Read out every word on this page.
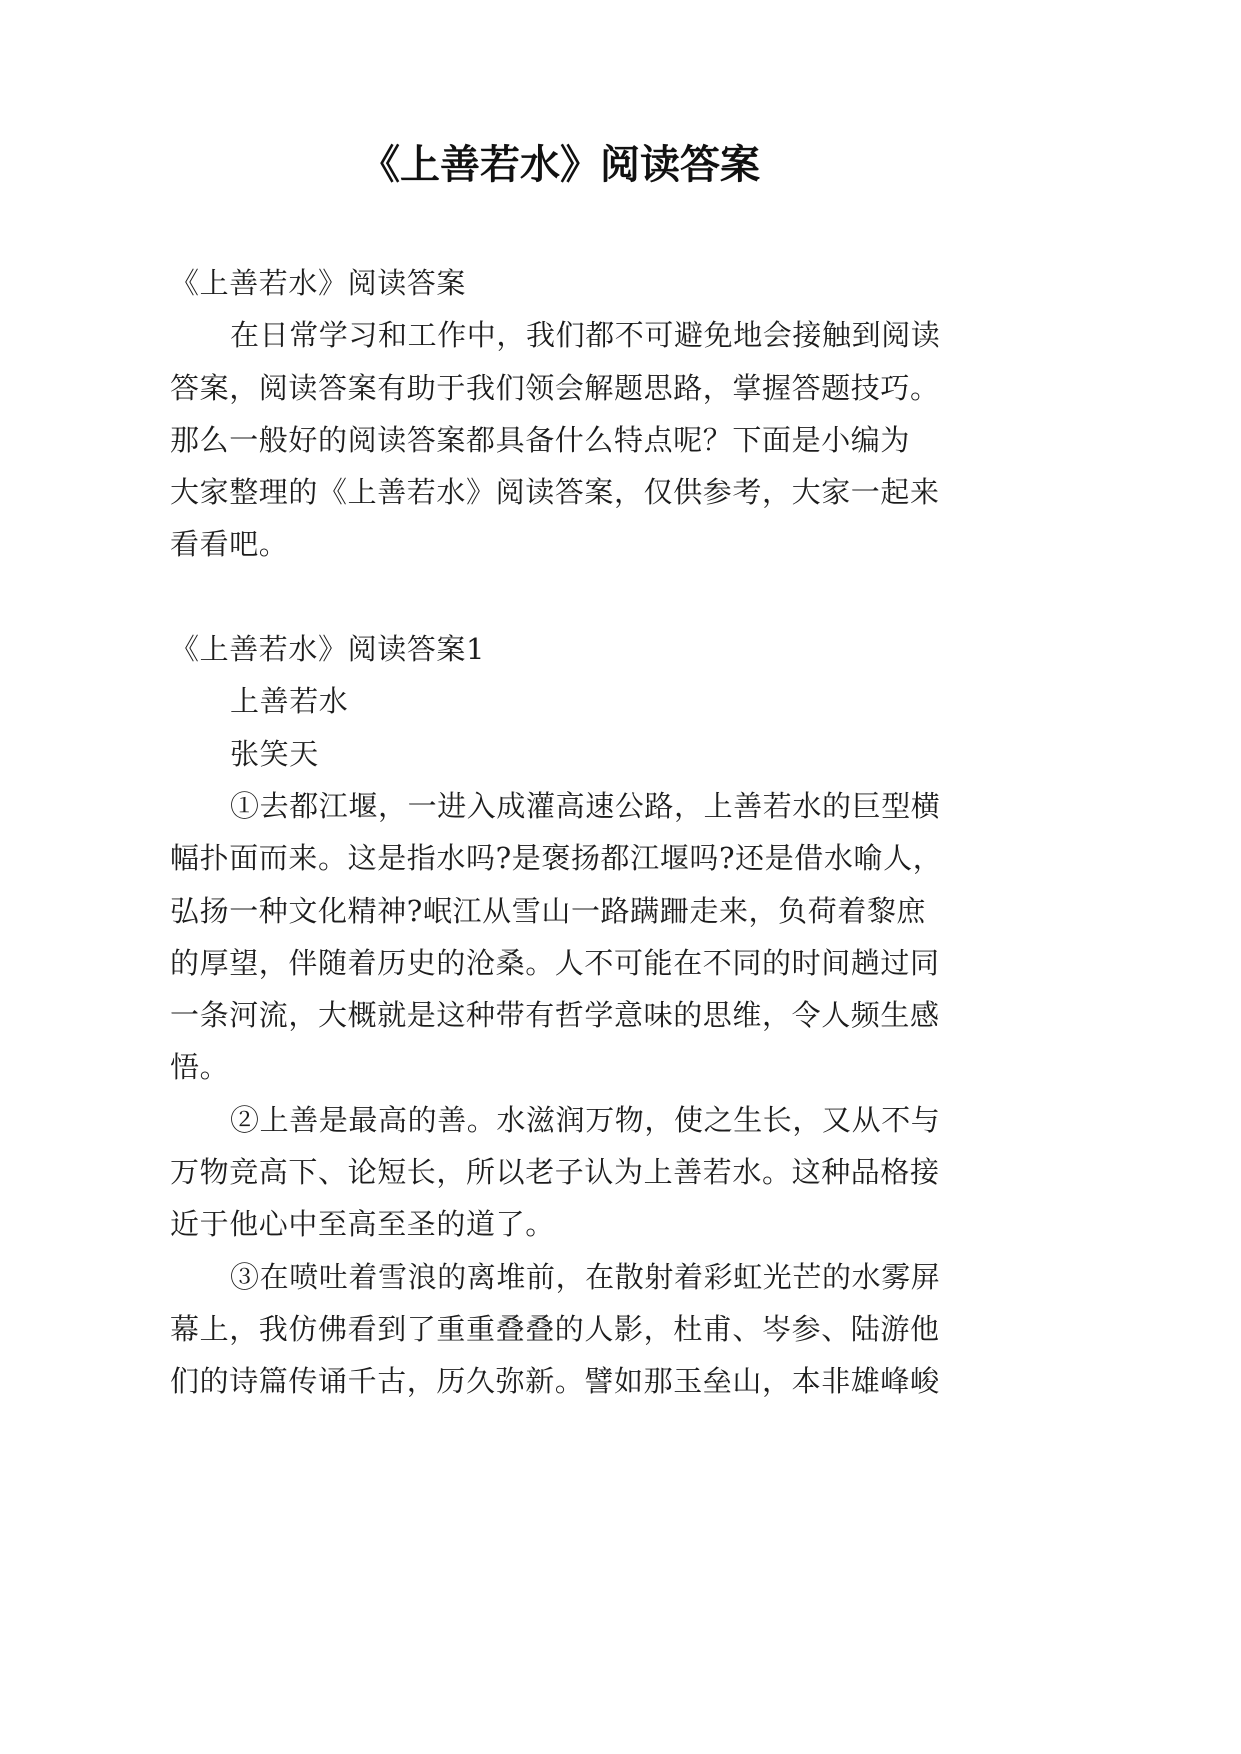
《上善若水》阅读答案
《上善若水》阅读答案
在日常学习和工作中，我们都不可避免地会接触到阅读
答案，阅读答案有助于我们领会解题思路，掌握答题技巧。
那么一般好的阅读答案都具备什么特点呢？下面是小编为
大家整理的《上善若水》阅读答案，仅供参考，大家一起来
看看吧。
《上善若水》阅读答案1
上善若水
张笑天
①去都江堰，一进入成灌高速公路，上善若水的巨型横
幅扑面而来。这是指水吗?是褒扬都江堰吗?还是借水喻人，
弘扬一种文化精神?岷江从雪山一路蹒跚走来，负荷着黎庶
的厚望，伴随着历史的沧桑。人不可能在不同的时间趟过同
一条河流，大概就是这种带有哲学意味的思维，令人频生感
悟。
②上善是最高的善。水滋润万物，使之生长，又从不与
万物竞高下、论短长，所以老子认为上善若水。这种品格接
近于他心中至高至圣的道了。
③在喷吐着雪浪的离堆前，在散射着彩虹光芒的水雾屏
幕上，我仿佛看到了重重叠叠的人影，杜甫、岑参、陆游他
们的诗篇传诵千古，历久弥新。譬如那玉垒山，本非雄峰峻
